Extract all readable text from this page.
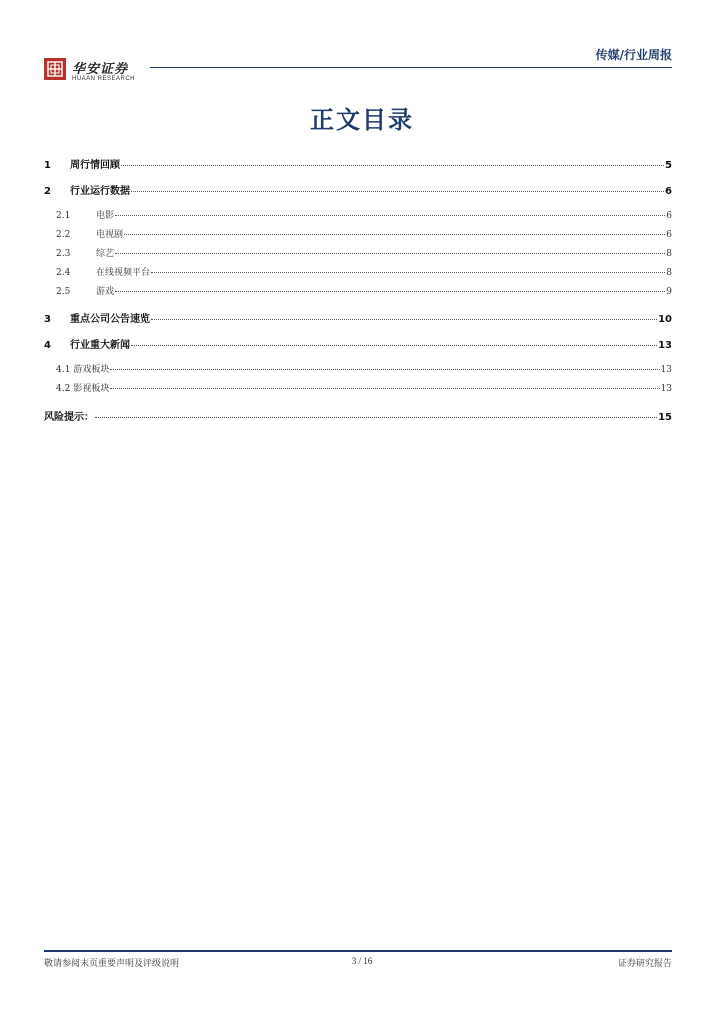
华安证券
HUAAN RESEARCH
传媒/行业周报
正文目录
1	周行情回顾	5
2	行业运行数据	6
2.1	电影	6
2.2	电视剧	6
2.3	综艺	8
2.4	在线视频平台	8
2.5	游戏	9
3	重点公司公告速览	10
4	行业重大新闻	13
4.1 游戏板块	13
4.2 影视板块	13
风险提示：	15
敬请参阅末页重要声明及评级说明	3 / 16	证券研究报告
